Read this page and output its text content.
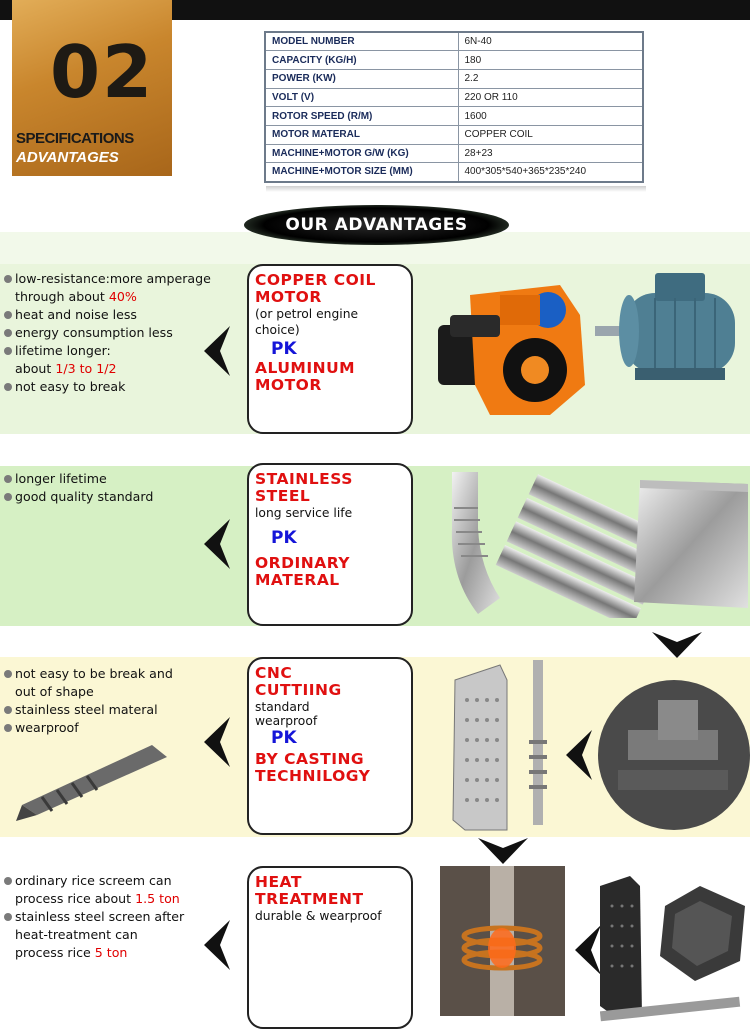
02
SPECIFICATIONS
ADVANTAGES
MODEL NUMBER	6N-40
CAPACITY (KG/H)	180
POWER (KW)	2.2
VOLT (V)	220 OR 110
ROTOR SPEED (R/M)	1600
MOTOR MATERAL	COPPER COIL
MACHINE+MOTOR G/W (KG)	28+23
MACHINE+MOTOR SIZE (MM)	400*305*540+365*235*240
OUR ADVANTAGES
low-resistance:more amperage
through about 40%
heat and noise less
energy consumption less
lifetime longer:
about 1/3 to 1/2
not easy to break
COPPER COIL
MOTOR
(or petrol engine
choice)
PK
ALUMINUM
MOTOR
longer lifetime
good quality standard
STAINLESS
STEEL
long service life
PK
ORDINARY
MATERAL
not easy to be break and
out of shape
stainless steel materal
wearproof
CNC
CUTTIING
standard
wearproof
PK
BY CASTING
TECHNILOGY
ordinary rice screem can
process rice about 1.5 ton
stainless steel screen after
heat-treatment can
process rice 5 ton
HEAT
TREATMENT
durable & wearproof
